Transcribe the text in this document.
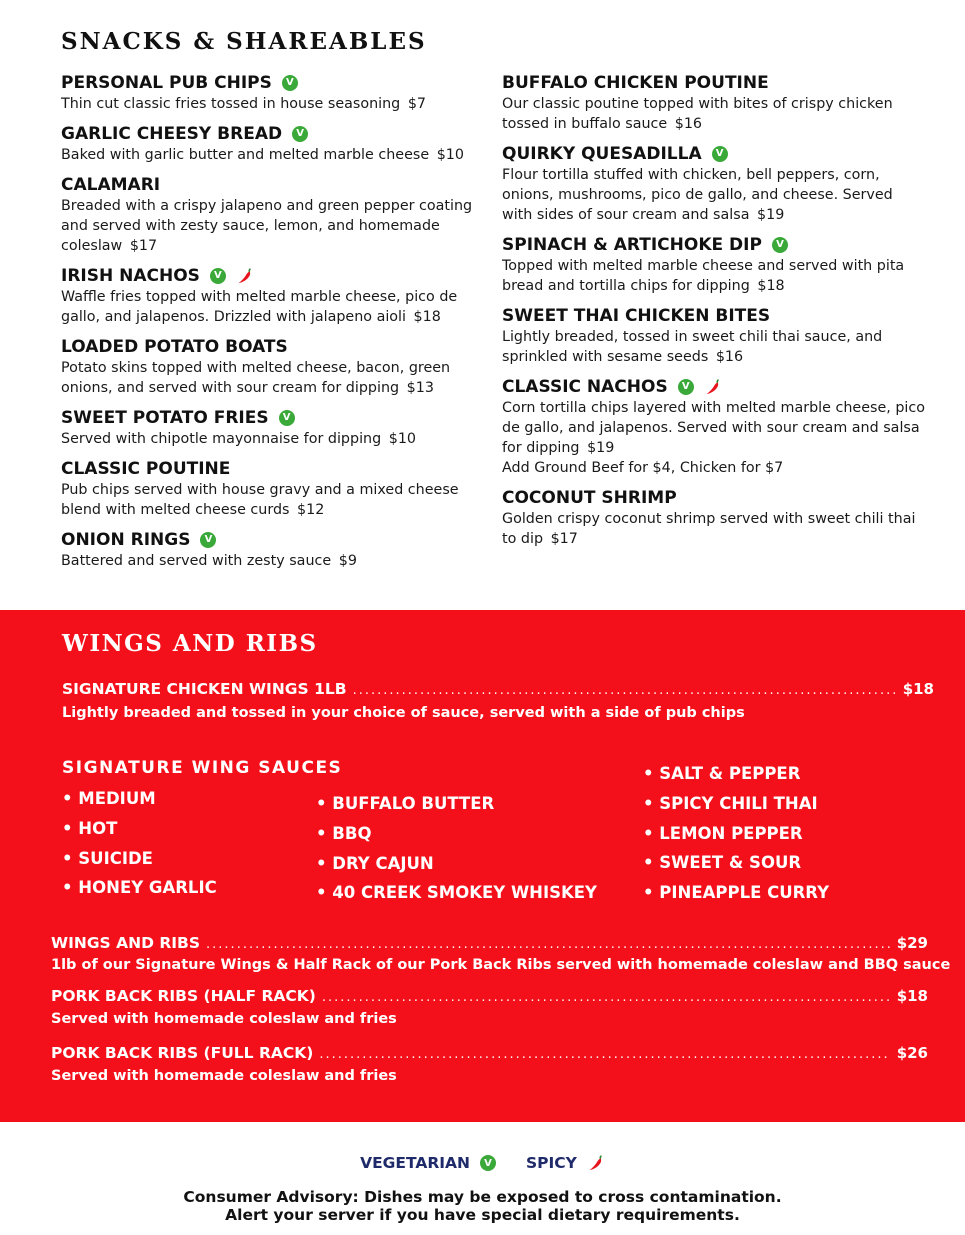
SNACKS & SHAREABLES
PERSONAL PUB CHIPS	V
Thin cut classic fries tossed in house seasoning $7
GARLIC CHEESY BREAD	V
Baked with garlic butter and melted marble cheese $10
CALAMARI
Breaded with a crispy jalapeno and green pepper coating and served with zesty sauce, lemon, and homemade coleslaw $17
IRISH NACHOS	V
Waffle fries topped with melted marble cheese, pico de gallo, and jalapenos. Drizzled with jalapeno aioli $18
LOADED POTATO BOATS
Potato skins topped with melted cheese, bacon, green onions, and served with sour cream for dipping $13
SWEET POTATO FRIES	V
Served with chipotle mayonnaise for dipping $10
CLASSIC POUTINE
Pub chips served with house gravy and a mixed cheese blend with melted cheese curds $12
ONION RINGS	V
Battered and served with zesty sauce $9
BUFFALO CHICKEN POUTINE
Our classic poutine topped with bites of crispy chicken tossed in buffalo sauce $16
QUIRKY QUESADILLA	V
Flour tortilla stuffed with chicken, bell peppers, corn, onions, mushrooms, pico de gallo, and cheese. Served with sides of sour cream and salsa $19
SPINACH & ARTICHOKE DIP	V
Topped with melted marble cheese and served with pita bread and tortilla chips for dipping $18
SWEET THAI CHICKEN BITES
Lightly breaded, tossed in sweet chili thai sauce, and sprinkled with sesame seeds $16
CLASSIC NACHOS	V
Corn tortilla chips layered with melted marble cheese, pico de gallo, and jalapenos. Served with sour cream and salsa for dipping $19
Add Ground Beef for $4, Chicken for $7
COCONUT SHRIMP
Golden crispy coconut shrimp served with sweet chili thai to dip $17
WINGS AND RIBS
SIGNATURE CHICKEN WINGS 1LB .....	$18
Lightly breaded and tossed in your choice of sauce, served with a side of pub chips
SIGNATURE WING SAUCES
• MEDIUM
• HOT
• SUICIDE
• HONEY GARLIC
• BUFFALO BUTTER
• BBQ
• DRY CAJUN
• 40 CREEK SMOKEY WHISKEY
• SALT & PEPPER
• SPICY CHILI THAI
• LEMON PEPPER
• SWEET & SOUR
• PINEAPPLE CURRY
WINGS AND RIBS .....	$29
1lb of our Signature Wings & Half Rack of our Pork Back Ribs served with homemade coleslaw and BBQ sauce
PORK BACK RIBS (HALF RACK) .....	$18
Served with homemade coleslaw and fries
PORK BACK RIBS (FULL RACK) .....	$26
Served with homemade coleslaw and fries
VEGETARIAN	V SPICY
Consumer Advisory: Dishes may be exposed to cross contamination.
Alert your server if you have special dietary requirements.
